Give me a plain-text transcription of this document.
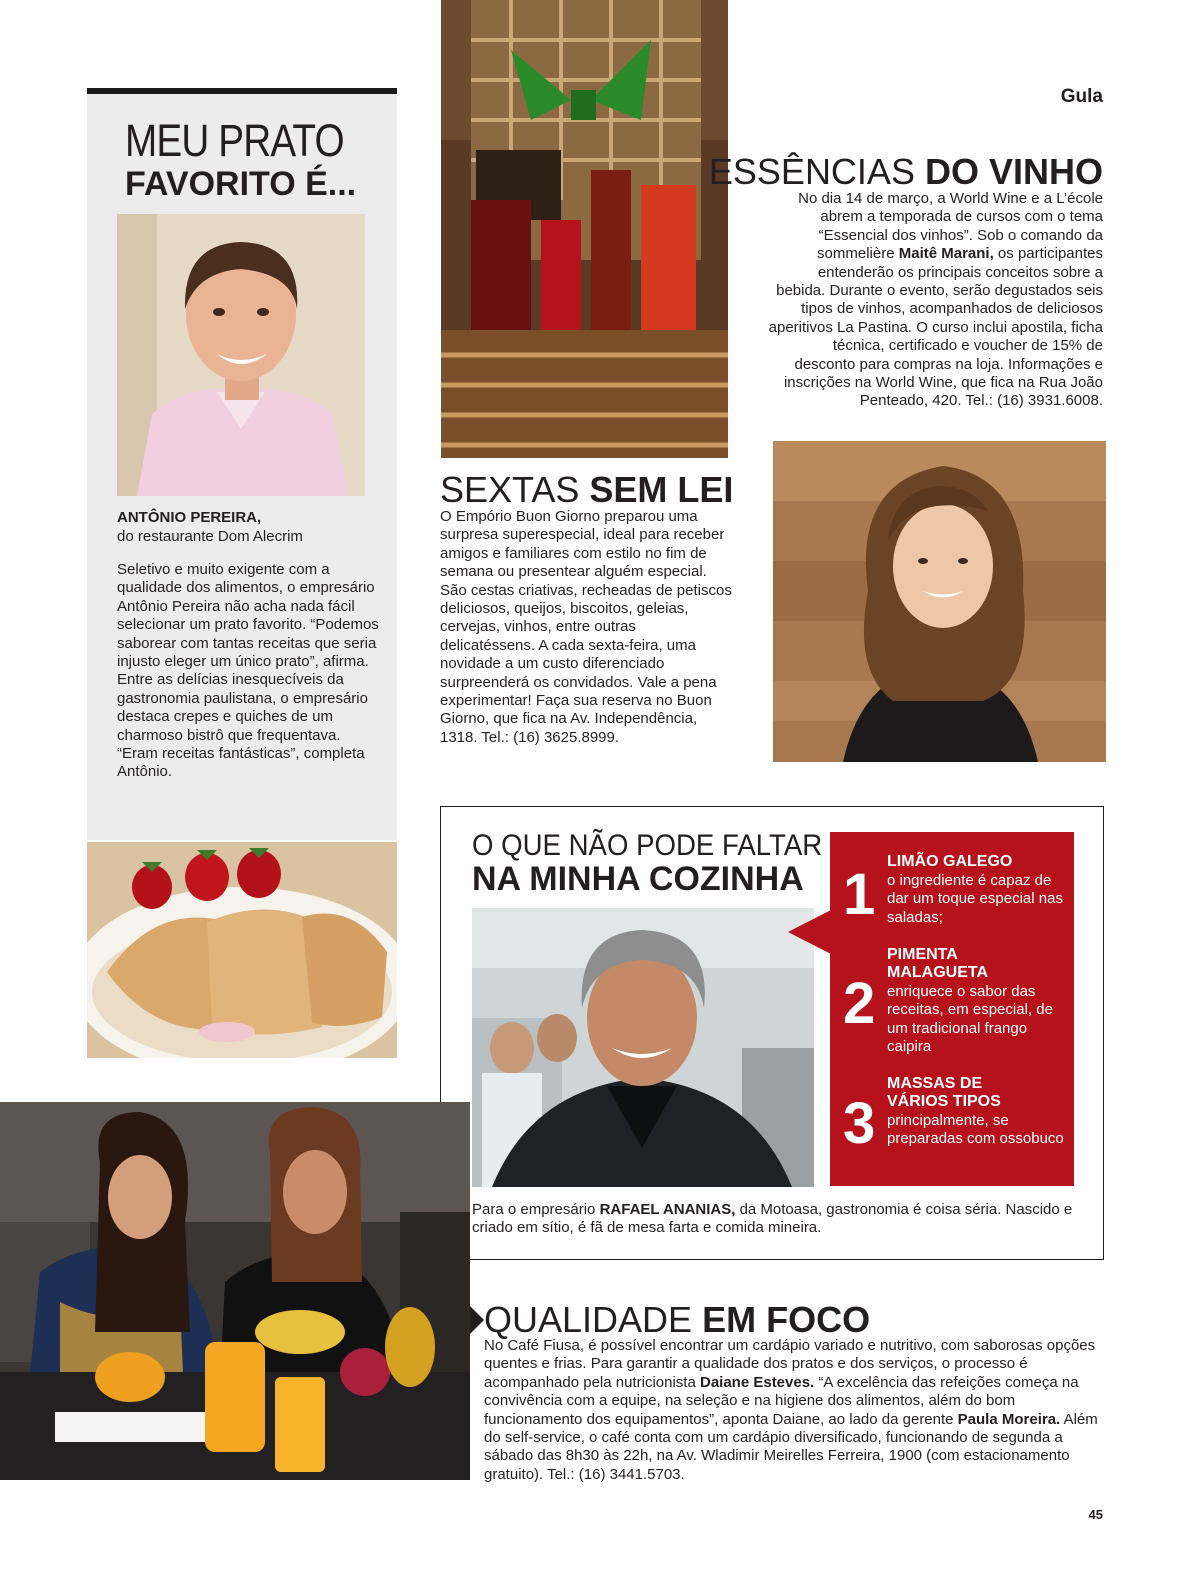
MEU PRATO
FAVORITO É...
ANTÔNIO PEREIRA,
do restaurante Dom Alecrim
Seletivo e muito exigente com a qualidade dos alimentos, o empresário Antônio Pereira não acha nada fácil selecionar um prato favorito. “Podemos saborear com tantas receitas que seria injusto eleger um único prato”, afirma. Entre as delícias inesquecíveis da gastronomia paulistana, o empresário destaca crepes e quiches de um charmoso bistrô que frequentava. “Eram receitas fantásticas”, completa Antônio.
SEXTAS SEM LEI
O Empório Buon Giorno preparou uma surpresa superespecial, ideal para receber amigos e familiares com estilo no fim de semana ou presentear alguém especial. São cestas criativas, recheadas de petiscos deliciosos, queijos, biscoitos, geleias, cervejas, vinhos, entre outras delicatéssens. A cada sexta-feira, uma novidade a um custo diferenciado surpreenderá os convidados. Vale a pena experimentar! Faça sua reserva no Buon Giorno, que fica na Av. Independência, 1318. Tel.: (16) 3625.8999.
Gula
ESSÊNCIAS DO VINHO
No dia 14 de março, a World Wine e a L’école abrem a temporada de cursos com o tema “Essencial dos vinhos”. Sob o comando da sommelière Maitê Marani, os participantes entenderão os principais conceitos sobre a bebida. Durante o evento, serão degustados seis tipos de vinhos, acompanhados de deliciosos aperitivos La Pastina. O curso inclui apostila, ficha técnica, certificado e voucher de 15% de desconto para compras na loja. Informações e inscrições na World Wine, que fica na Rua João Penteado, 420. Tel.: (16) 3931.6008.
O QUE NÃO PODE FALTAR
NA MINHA COZINHA 1
LIMÃO GALEGO
o ingrediente é capaz de dar um toque especial nas saladas;
2
PIMENTA MALAGUETA
enriquece o sabor das receitas, em especial, de um tradicional frango caipira
3
MASSAS DE VÁRIOS TIPOS
principalmente, se preparadas com ossobuco
Para o empresário RAFAEL ANANIAS, da Motoasa, gastronomia é coisa séria. Nascido e criado em sítio, é fã de mesa farta e comida mineira.
QUALIDADE EM FOCO
No Café Fiusa, é possível encontrar um cardápio variado e nutritivo, com saborosas opções quentes e frias. Para garantir a qualidade dos pratos e dos serviços, o processo é acompanhado pela nutricionista Daiane Esteves. “A excelência das refeições começa na convivência com a equipe, na seleção e na higiene dos alimentos, além do bom funcionamento dos equipamentos”, aponta Daiane, ao lado da gerente Paula Moreira. Além do self-service, o café conta com um cardápio diversificado, funcionando de segunda a sábado das 8h30 às 22h, na Av. Wladimir Meirelles Ferreira, 1900 (com estacionamento gratuito). Tel.: (16) 3441.5703.
45
